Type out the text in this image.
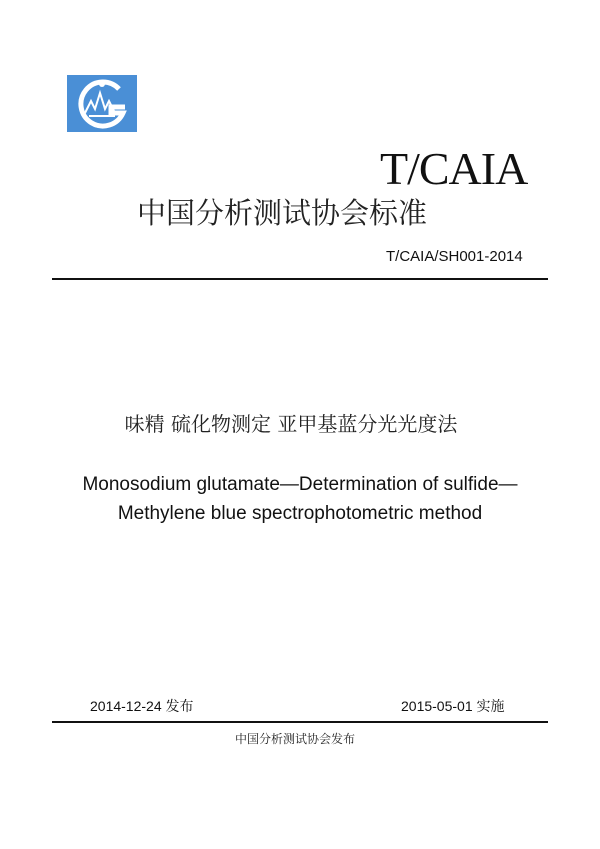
T/CAIA
中国分析测试协会标准
T/CAIA/SH001-2014
味精 硫化物测定 亚甲基蓝分光光度法
Monosodium glutamate—Determination of sulfide—
Methylene blue spectrophotometric method
2014-12-24 发布	2015-05-01 实施
中国分析测试协会发布
